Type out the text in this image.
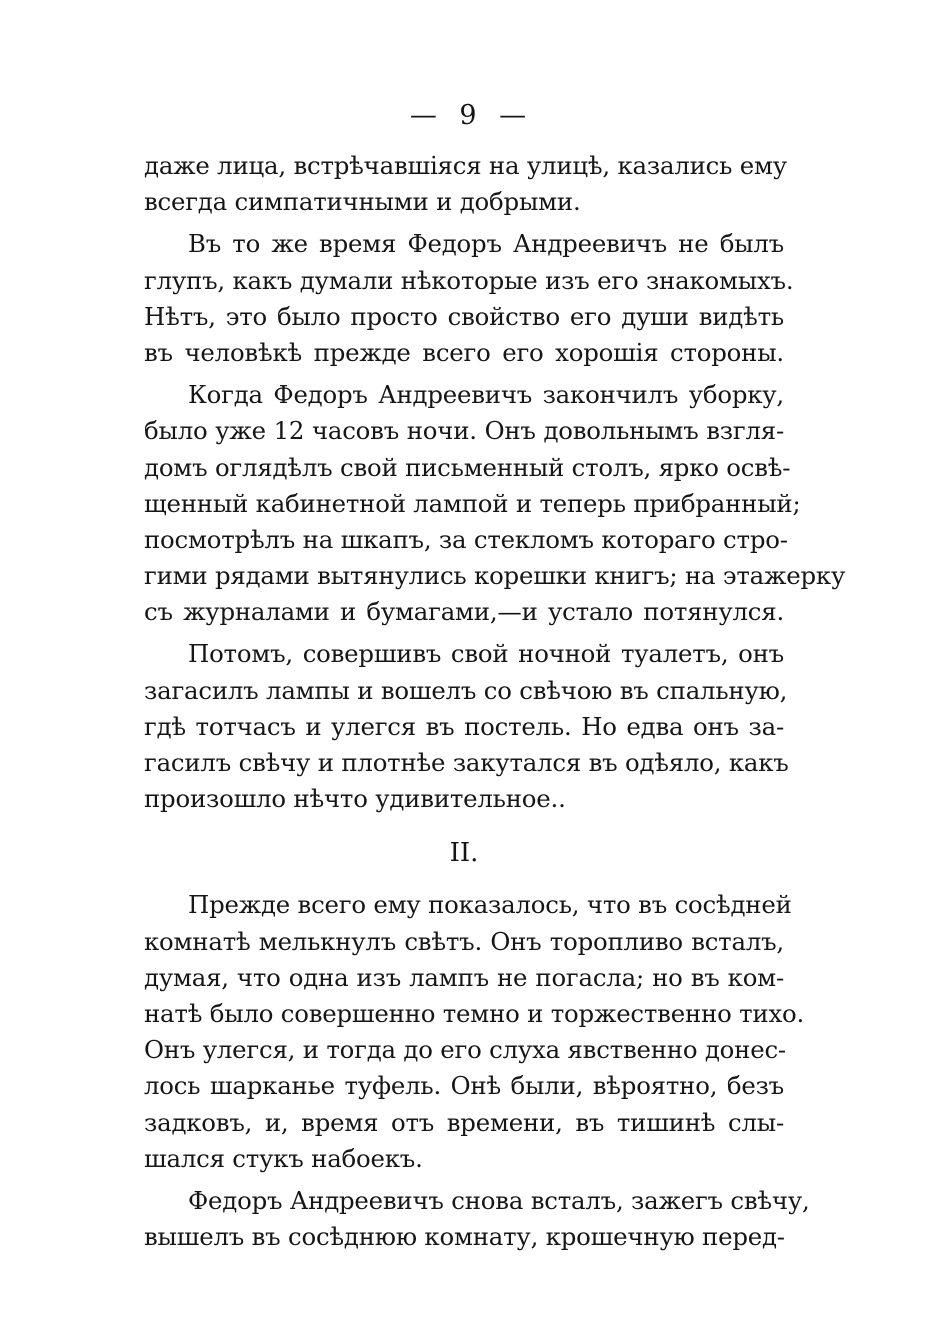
— 9 —
даже лица, встрѣчавшіяся на улицѣ, казались ему
всегда симпатичными и добрыми.
Въ то же время Федоръ Андреевичъ не былъ
глупъ, какъ думали нѣкоторые изъ его знакомыхъ.
Нѣтъ, это было просто свойство его души видѣть
въ человѣкѣ прежде всего его хорошія стороны.
Когда Федоръ Андреевичъ закончилъ уборку,
было уже 12 часовъ ночи. Онъ довольнымъ взгля-
домъ оглядѣлъ свой письменный столъ, ярко освѣ-
щенный кабинетной лампой и теперь прибранный;
посмотрѣлъ на шкапъ, за стекломъ котораго стро-
гими рядами вытянулись корешки книгъ; на этажерку
съ журналами и бумагами,—и устало потянулся.
Потомъ, совершивъ свой ночной туалетъ, онъ
загасилъ лампы и вошелъ со свѣчою въ спальную,
гдѣ тотчасъ и улегся въ постель. Но едва онъ за-
гасилъ свѣчу и плотнѣе закутался въ одѣяло, какъ
произошло нѣчто удивительное..
II.
Прежде всего ему показалось, что въ сосѣдней
комнатѣ мелькнулъ свѣтъ. Онъ торопливо всталъ,
думая, что одна изъ лампъ не погасла; но въ ком-
натѣ было совершенно темно и торжественно тихо.
Онъ улегся, и тогда до его слуха явственно донес-
лось шарканье туфель. Онѣ были, вѣроятно, безъ
задковъ, и, время отъ времени, въ тишинѣ слы-
шался стукъ набоекъ.
Федоръ Андреевичъ снова всталъ, зажегъ свѣчу,
вышелъ въ сосѣднюю комнату, крошечную перед-
